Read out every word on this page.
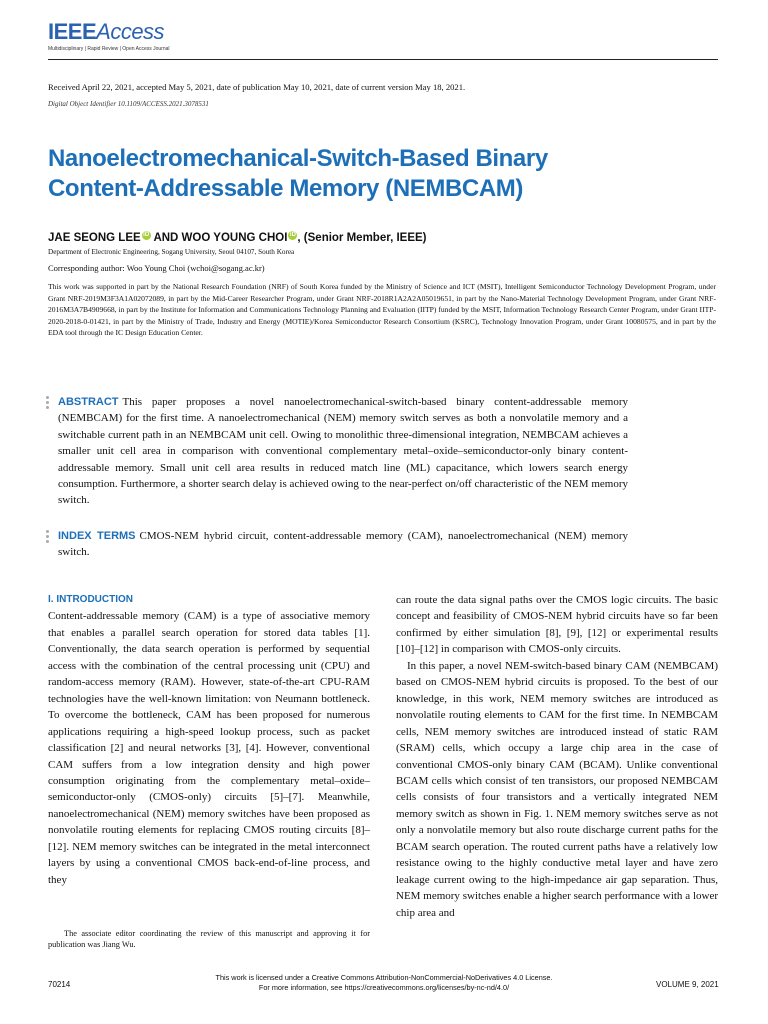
IEEEAccess
Multidisciplinary | Rapid Review | Open Access Journal
Received April 22, 2021, accepted May 5, 2021, date of publication May 10, 2021, date of current version May 18, 2021.
Digital Object Identifier 10.1109/ACCESS.2021.3078531
Nanoelectromechanical-Switch-Based Binary
Content-Addressable Memory (NEMBCAM)
JAE SEONG LEE iD AND WOO YOUNG CHOI iD , (Senior Member, IEEE)
Department of Electronic Engineering, Sogang University, Seoul 04107, South Korea
Corresponding author: Woo Young Choi (wchoi@sogang.ac.kr)
This work was supported in part by the National Research Foundation (NRF) of South Korea funded by the Ministry of Science and ICT (MSIT), Intelligent Semiconductor Technology Development Program, under Grant NRF-2019M3F3A1A02072089, in part by the Mid-Career Researcher Program, under Grant NRF-2018R1A2A2A05019651, in part by the Nano-Material Technology Development Program, under Grant NRF-2016M3A7B4909668, in part by the Institute for Information and Communications Technology Planning and Evaluation (IITP) funded by the MSIT, Information Technology Research Center Program, under Grant IITP-2020-2018-0-01421, in part by the Ministry of Trade, Industry and Energy (MOTIE)/Korea Semiconductor Research Consortium (KSRC), Technology Innovation Program, under Grant 10080575, and in part by the EDA tool through the IC Design Education Center.
ABSTRACT This paper proposes a novel nanoelectromechanical-switch-based binary content-addressable memory (NEMBCAM) for the first time. A nanoelectromechanical (NEM) memory switch serves as both a nonvolatile memory and a switchable current path in an NEMBCAM unit cell. Owing to monolithic three-dimensional integration, NEMBCAM achieves a smaller unit cell area in comparison with conventional complementary metal–oxide–semiconductor-only binary content-addressable memory. Small unit cell area results in reduced match line (ML) capacitance, which lowers search energy consumption. Furthermore, a shorter search delay is achieved owing to the near-perfect on/off characteristic of the NEM memory switch.
INDEX TERMS CMOS-NEM hybrid circuit, content-addressable memory (CAM), nanoelectromechanical (NEM) memory switch.

I. INTRODUCTION

Content-addressable memory (CAM) is a type of associative memory that enables a parallel search operation for stored data tables [1]. Conventionally, the data search operation is performed by sequential access with the combination of the central processing unit (CPU) and random-access memory (RAM). However, state-of-the-art CPU-RAM technologies have the well-known limitation: von Neumann bottleneck. To overcome the bottleneck, CAM has been proposed for numerous applications requiring a high-speed lookup process, such as packet classification [2] and neural networks [3], [4]. However, conventional CAM suffers from a low integration density and high power consumption originating from the complementary metal–oxide–semiconductor-only (CMOS-only) circuits [5]–[7]. Meanwhile, nanoelectromechanical (NEM) memory switches have been proposed as nonvolatile routing elements for replacing CMOS routing circuits [8]–[12]. NEM memory switches can be integrated in the metal interconnect layers by using a conventional CMOS back-end-of-line process, and they

can route the data signal paths over the CMOS logic circuits. The basic concept and feasibility of CMOS-NEM hybrid circuits have so far been confirmed by either simulation [8], [9], [12] or experimental results [10]–[12] in comparison with CMOS-only circuits.

In this paper, a novel NEM-switch-based binary CAM (NEMBCAM) based on CMOS-NEM hybrid circuits is proposed. To the best of our knowledge, in this work, NEM memory switches are introduced as nonvolatile routing elements to CAM for the first time. In NEMBCAM cells, NEM memory switches are introduced instead of static RAM (SRAM) cells, which occupy a large chip area in the case of conventional CMOS-only binary CAM (BCAM). Unlike conventional BCAM cells which consist of ten transistors, our proposed NEMBCAM cells consists of four transistors and a vertically integrated NEM memory switch as shown in Fig. 1. NEM memory switches serve as not only a nonvolatile memory but also route discharge current paths for the BCAM search operation. The routed current paths have a relatively low resistance owing to the highly conductive metal layer and have zero leakage current owing to the high-impedance air gap separation. Thus, NEM memory switches enable a higher search performance with a lower chip area and

The associate editor coordinating the review of this manuscript and approving it for publication was Jiang Wu.

This work is licensed under a Creative Commons Attribution-NonCommercial-NoDerivatives 4.0 License.
For more information, see https://creativecommons.org/licenses/by-nc-nd/4.0/
70214	VOLUME 9, 2021
